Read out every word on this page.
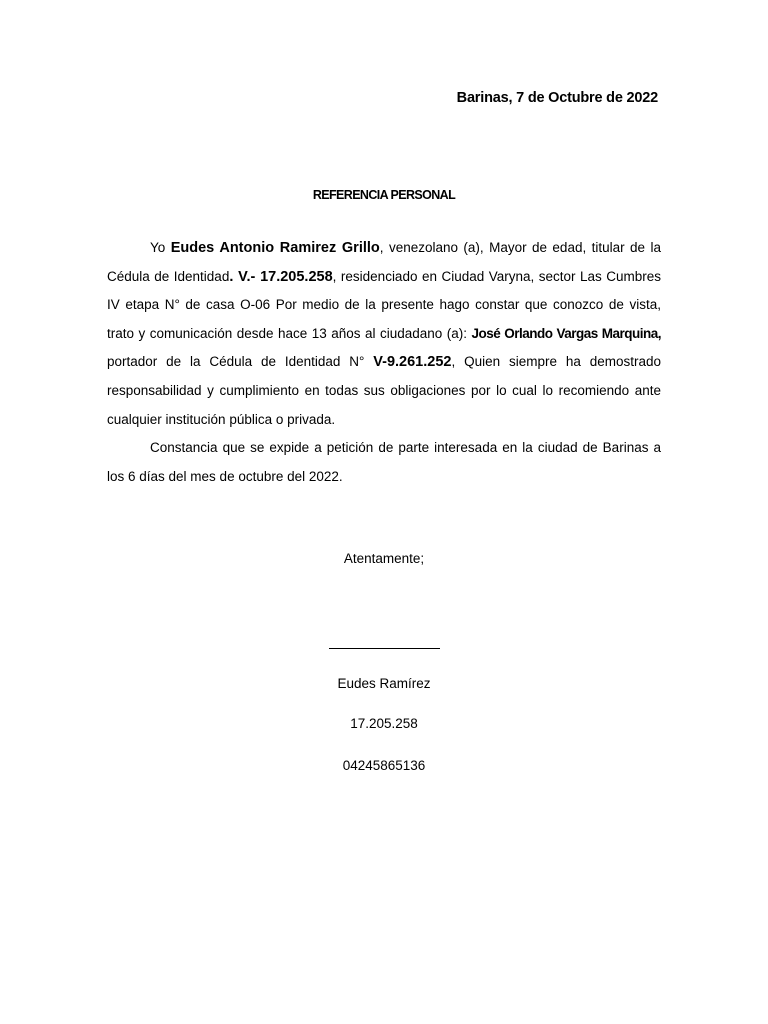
Barinas, 7 de Octubre de 2022
REFERENCIA PERSONAL

Yo Eudes Antonio Ramirez Grillo, venezolano (a), Mayor de edad, titular de la Cédula de Identidad. V.- 17.205.258, residenciado en Ciudad Varyna, sector Las Cumbres IV etapa N° de casa O-06 Por medio de la presente hago constar que conozco de vista, trato y comunicación desde hace 13 años al ciudadano (a): José Orlando Vargas Marquina, portador de la Cédula de Identidad N° V-9.261.252, Quien siempre ha demostrado responsabilidad y cumplimiento en todas sus obligaciones por lo cual lo recomiendo ante cualquier institución pública o privada.

Constancia que se expide a petición de parte interesada en la ciudad de Barinas a los 6 días del mes de octubre del 2022.

Atentamente;
Eudes Ramírez
17.205.258
04245865136
